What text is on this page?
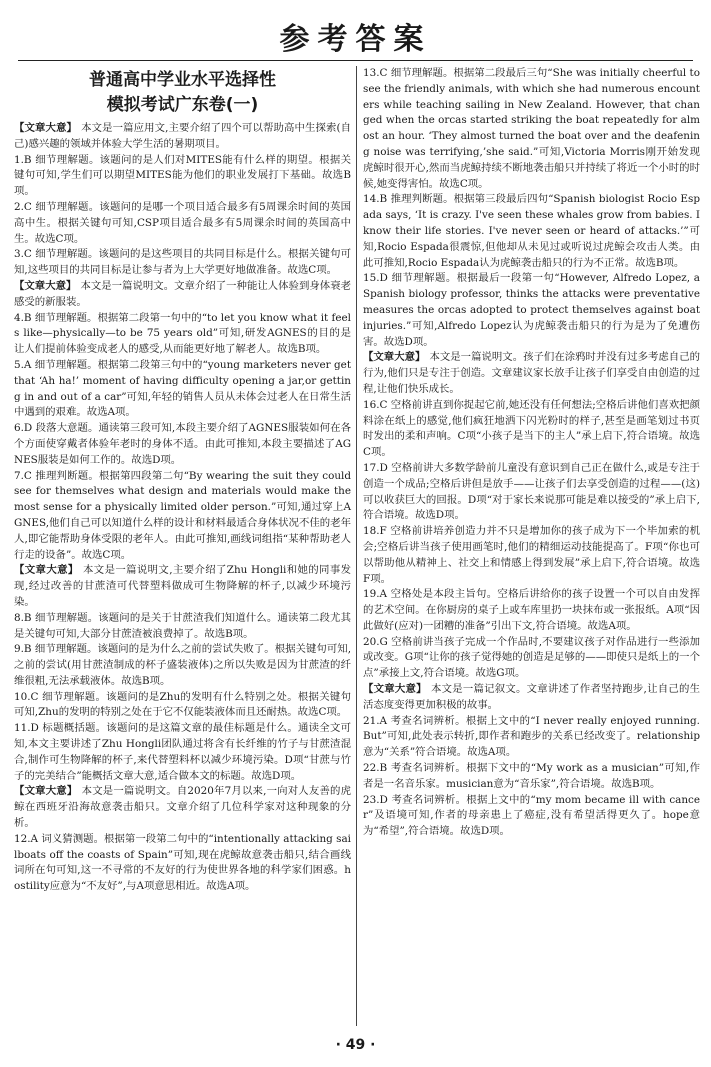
参考答案
普通高中学业水平选择性
模拟考试广东卷(一)

【文章大意】 本文是一篇应用文,主要介绍了四个可以帮助高中生探索(自己)感兴趣的领域并体验大学生活的暑期项目。

1.B 细节理解题。该题问的是人们对MITES能有什么样的期望。根据关键句可知,学生们可以期望MITES能为他们的职业发展打下基础。故选B项。

2.C 细节理解题。该题问的是哪一个项目适合最多有5周课余时间的英国高中生。根据关键句可知,CSP项目适合最多有5周课余时间的英国高中生。故选C项。

3.C 细节理解题。该题问的是这些项目的共同目标是什么。根据关键句可知,这些项目的共同目标是让参与者为上大学更好地做准备。故选C项。

【文章大意】 本文是一篇说明文。文章介绍了一种能让人体验到身体衰老感受的新服装。

4.B 细节理解题。根据第二段第一句中的“to let you know what it feels like—physically—to be 75 years old”可知,研发AGNES的目的是让人们提前体验变成老人的感受,从而能更好地了解老人。故选B项。

5.A 细节理解题。根据第二段第三句中的“young marketers never get that ‘Ah ha!’ moment of having difficulty opening a jar,or getting in and out of a car”可知,年轻的销售人员从未体会过老人在日常生活中遇到的艰难。故选A项。

6.D 段落大意题。通读第三段可知,本段主要介绍了AGNES服装如何在各个方面使穿戴者体验年老时的身体不适。由此可推知,本段主要描述了AGNES服装是如何工作的。故选D项。

7.C 推理判断题。根据第四段第二句“By wearing the suit they could see for themselves what design and materials would make the most sense for a physically limited older person.”可知,通过穿上AGNES,他们自己可以知道什么样的设计和材料最适合身体状况不佳的老年人,即它能帮助身体受限的老年人。由此可推知,画线词组指“某种帮助老人行走的设备”。故选C项。

【文章大意】 本文是一篇说明文,主要介绍了Zhu Hongli和她的同事发现,经过改善的甘蔗渣可代替塑料做成可生物降解的杯子,以减少环境污染。

8.B 细节理解题。该题问的是关于甘蔗渣我们知道什么。通读第二段尤其是关键句可知,大部分甘蔗渣被浪费掉了。故选B项。

9.B 细节理解题。该题问的是为什么之前的尝试失败了。根据关键句可知,之前的尝试(用甘蔗渣制成的杯子盛装液体)之所以失败是因为甘蔗渣的纤维很粗,无法承载液体。故选B项。

10.C 细节理解题。该题问的是Zhu的发明有什么特别之处。根据关键句可知,Zhu的发明的特别之处在于它不仅能装液体而且还耐热。故选C项。

11.D 标题概括题。该题问的是这篇文章的最佳标题是什么。通读全文可知,本文主要讲述了Zhu Hongli团队通过将含有长纤维的竹子与甘蔗渣混合,制作可生物降解的杯子,来代替塑料杯以减少环境污染。D项“甘蔗与竹子的完美结合”能概括文章大意,适合做本文的标题。故选D项。

【文章大意】 本文是一篇说明文。自2020年7月以来,一向对人友善的虎鲸在西班牙沿海故意袭击船只。文章介绍了几位科学家对这种现象的分析。

12.A 词义猜测题。根据第一段第二句中的“intentionally attacking sailboats off the coasts of Spain”可知,现在虎鲸故意袭击船只,结合画线词所在句可知,这一不寻常的不友好的行为使世界各地的科学家们困惑。hostility应意为“不友好”,与A项意思相近。故选A项。

13.C 细节理解题。根据第二段最后三句“She was initially cheerful to see the friendly animals, with which she had numerous encounters while teaching sailing in New Zealand. However, that changed when the orcas started striking the boat repeatedly for almost an hour. ‘They almost turned the boat over and the deafening noise was terrifying,’she said.”可知,Victoria Morris刚开始发现虎鲸时很开心,然而当虎鲸持续不断地袭击船只并持续了将近一个小时的时候,她变得害怕。故选C项。

14.B 推理判断题。根据第三段最后四句“Spanish biologist Rocio Espada says, ‘It is crazy. I've seen these whales grow from babies. I know their life stories. I've never seen or heard of attacks.’”可知,Rocio Espada很震惊,但他却从未见过或听说过虎鲸会攻击人类。由此可推知,Rocio Espada认为虎鲸袭击船只的行为不正常。故选B项。

15.D 细节理解题。根据最后一段第一句“However, Alfredo Lopez, a Spanish biology professor, thinks the attacks were preventative measures the orcas adopted to protect themselves against boat injuries.”可知,Alfredo Lopez认为虎鲸袭击船只的行为是为了免遭伤害。故选D项。

【文章大意】 本文是一篇说明文。孩子们在涂鸦时并没有过多考虑自己的行为,他们只是专注于创造。文章建议家长放手让孩子们享受自由创造的过程,让他们快乐成长。

16.C 空格前讲直到你捉起它前,她还没有任何想法;空格后讲他们喜欢把颜料涂在纸上的感觉,他们疯狂地洒下闪光粉时的样子,甚至是画笔划过书页时发出的柔和声响。C项“小孩子是当下的主人”承上启下,符合语境。故选C项。

17.D 空格前讲大多数学龄前儿童没有意识到自己正在做什么,或是专注于创造一个成品;空格后讲但是放手——让孩子们去享受创造的过程——(这)可以收获巨大的回报。D项“对于家长来说那可能是难以接受的”承上启下,符合语境。故选D项。

18.F 空格前讲培养创造力并不只是增加你的孩子成为下一个毕加索的机会;空格后讲当孩子使用画笔时,他们的精细运动技能提高了。F项“你也可以帮助他从精神上、社交上和情感上得到发展”承上启下,符合语境。故选F项。

19.A 空格处是本段主旨句。空格后讲给你的孩子设置一个可以自由发挥的艺术空间。在你厨房的桌子上或车库里扔一块抹布或一张报纸。A项“因此做好(应对)一团糟的准备”引出下文,符合语境。故选A项。

20.G 空格前讲当孩子完成一个作品时,不要建议孩子对作品进行一些添加或改变。G项“让你的孩子觉得她的创造是足够的——即使只是纸上的一个点”承接上文,符合语境。故选G项。

【文章大意】 本文是一篇记叙文。文章讲述了作者坚持跑步,让自己的生活态度变得更加积极的故事。

21.A 考查名词辨析。根据上文中的“I never really enjoyed running. But”可知,此处表示转折,即作者和跑步的关系已经改变了。relationship意为“关系”符合语境。故选A项。

22.B 考查名词辨析。根据下文中的“My work as a musician”可知,作者是一名音乐家。musician意为“音乐家”,符合语境。故选B项。

23.D 考查名词辨析。根据上文中的“my mom became ill with cancer”及语境可知,作者的母亲患上了癌症,没有希望活得更久了。hope意为“希望”,符合语境。故选D项。

· 49 ·
